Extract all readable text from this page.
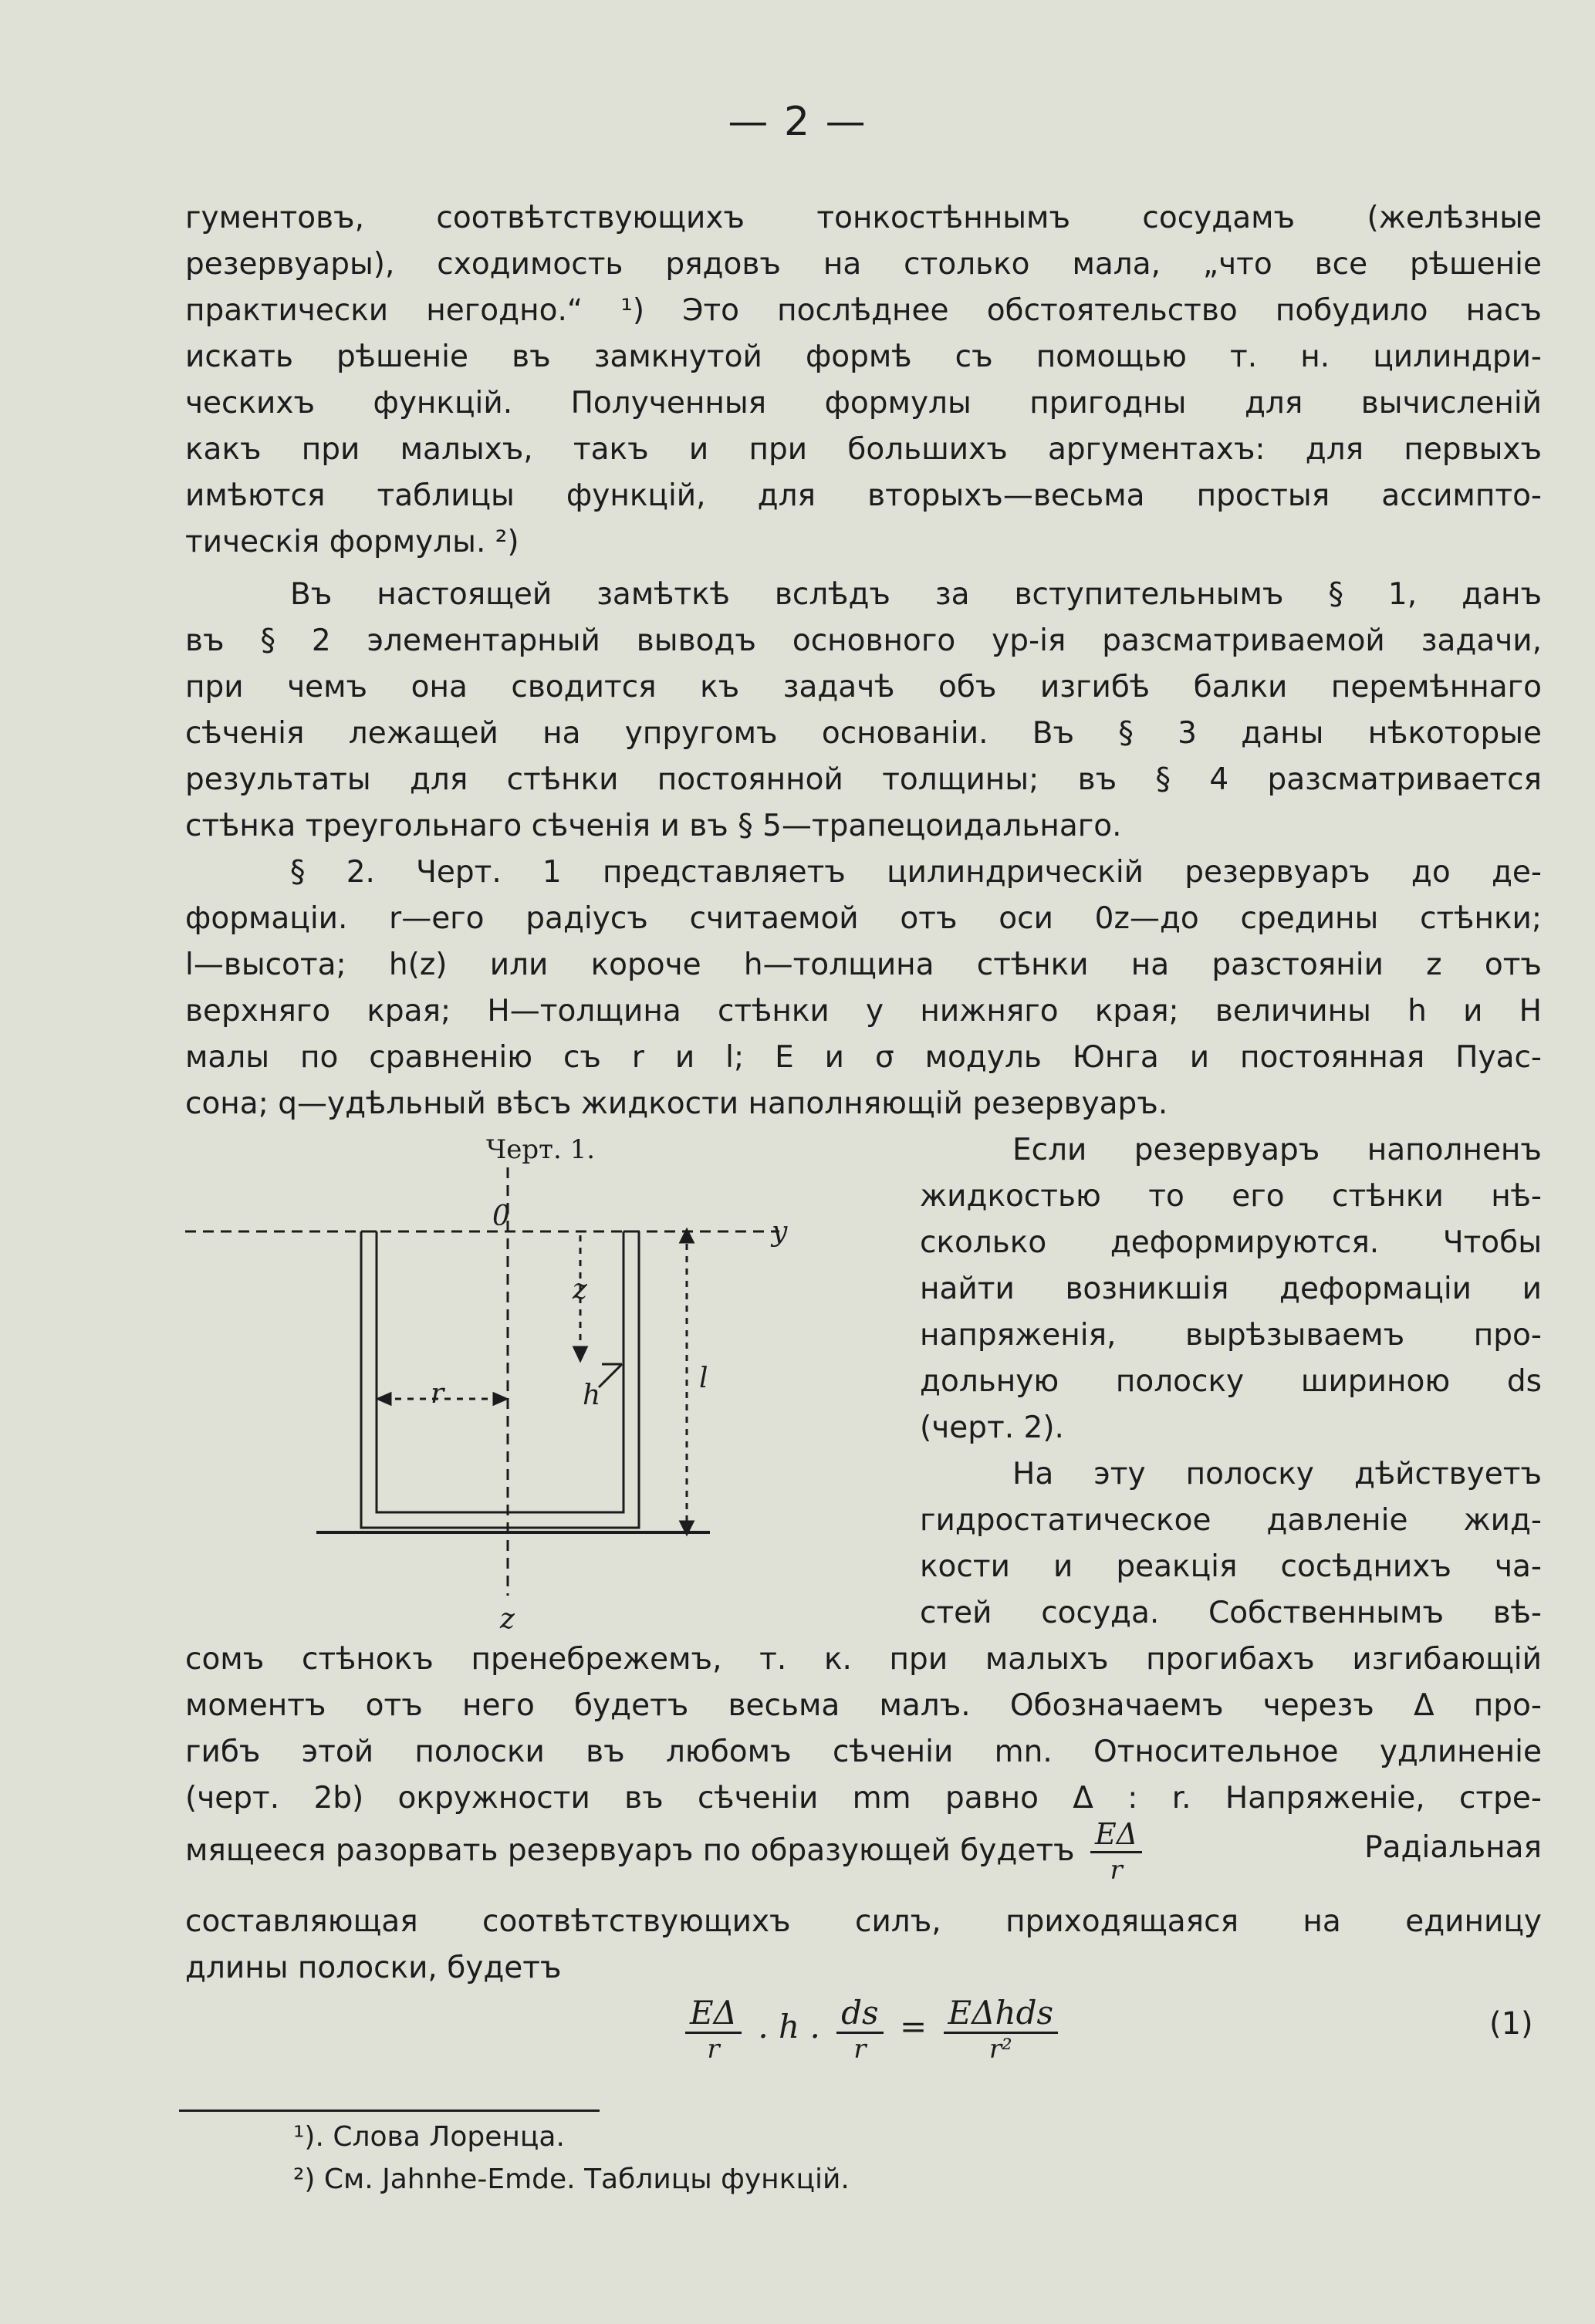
— 2 —
гументовъ, соотвѣтствующихъ тонкостѣннымъ сосудамъ (желѣзные
резервуары), сходимость рядовъ на столько мала, „что все рѣшеніе
практически негодно.“ ¹) Это послѣднее обстоятельство побудило насъ
искать рѣшеніе въ замкнутой формѣ съ помощью т. н. цилиндри-
ческихъ функцій. Полученныя формулы пригодны для вычисленій
какъ при малыхъ, такъ и при большихъ аргументахъ: для первыхъ
имѣются таблицы функцій, для вторыхъ—весьма простыя ассимпто-
тическія формулы. ²)
Въ настоящей замѣткѣ вслѣдъ за вступительнымъ § 1, данъ
въ § 2 элементарный выводъ основного ур-ія разсматриваемой задачи,
при чемъ она сводится къ задачѣ объ изгибѣ балки перемѣннаго
сѣченія лежащей на упругомъ основаніи. Въ § 3 даны нѣкоторые
результаты для стѣнки постоянной толщины; въ § 4 разсматривается
стѣнка треугольнаго сѣченія и въ § 5—трапецоидальнаго.
§ 2. Черт. 1 представляетъ цилиндрическій резервуаръ до де-
формаціи. r—его радіусъ считаемой отъ оси 0z—до средины стѣнки;
l—высота; h(z) или короче h—толщина стѣнки на разстояніи z отъ
верхняго края; H—толщина стѣнки у нижняго края; величины h и H
малы по сравненію съ r и l; E и σ модуль Юнга и постоянная Пуас-
сона; q—удѣльный вѣсъ жидкости наполняющій резервуаръ.
Черт. 1.
0	y
z
z
r	h
l
Если резервуаръ наполненъ
жидкостью то его стѣнки нѣ-
сколько деформируются. Чтобы
найти возникшія деформаціи и
напряженія, вырѣзываемъ про-
дольную полоску шириною ds
(черт. 2).
На эту полоску дѣйствуетъ
гидростатическое давленіе жид-
кости и реакція сосѣднихъ ча-
стей сосуда. Собственнымъ вѣ-
сомъ стѣнокъ пренебрежемъ, т. к. при малыхъ прогибахъ изгибающій
моментъ отъ него будетъ весьма малъ. Обозначаемъ черезъ Δ про-
гибъ этой полоски въ любомъ сѣченіи mn. Относительное удлиненіе
(черт. 2b) окружности въ сѣченіи mm равно Δ : r. Напряженіе, стре-
мящееся разорвать резервуаръ по образующей будетъ $\frac{E\Delta}{r}$	Радіальная
составляющая соотвѣтствующихъ силъ, приходящаяся на единицу
длины полоски, будетъ
$\frac{E\Delta}{r}$ . h . $\frac{ds}{r} = \frac{\text{EΔhds}}{\text{r²}}$	(1)
¹). Слова Лоренца.
²) См. Jahnhe-Emde. Таблицы функцій.
